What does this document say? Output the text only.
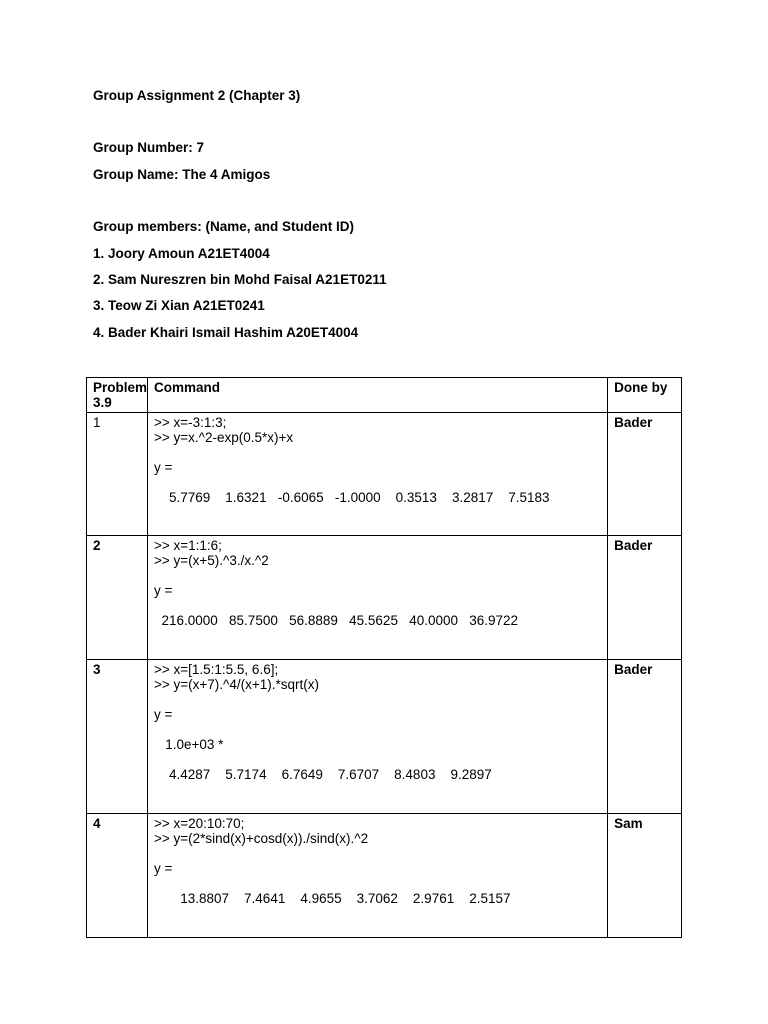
Group Assignment 2 (Chapter 3)
Group Number: 7
Group Name: The 4 Amigos
Group members: (Name, and Student ID)
1. Joory Amoun A21ET4004
2. Sam Nureszren bin Mohd Faisal A21ET0211
3. Teow Zi Xian A21ET0241
4. Bader Khairi Ismail Hashim A20ET4004
Problem 3.9	Command	Done by
1	>> x=-3:1:3;
>> y=x.^2-exp(0.5*x)+x
y =
5.7769    1.6321   -0.6065   -1.0000    0.3513    3.2817    7.5183	Bader
2	>> x=1:1:6;
>> y=(x+5).^3./x.^2
y =
216.0000   85.7500   56.8889   45.5625   40.0000   36.9722	Bader
3	>> x=[1.5:1:5.5, 6.6];
>> y=(x+7).^4/(x+1).*sqrt(x)
y =
1.0e+03 *
4.4287    5.7174    6.7649    7.6707    8.4803    9.2897	Bader
4	>> x=20:10:70;
>> y=(2*sind(x)+cosd(x))./sind(x).^2
y =
13.8807    7.4641    4.9655    3.7062    2.9761    2.5157	Sam
